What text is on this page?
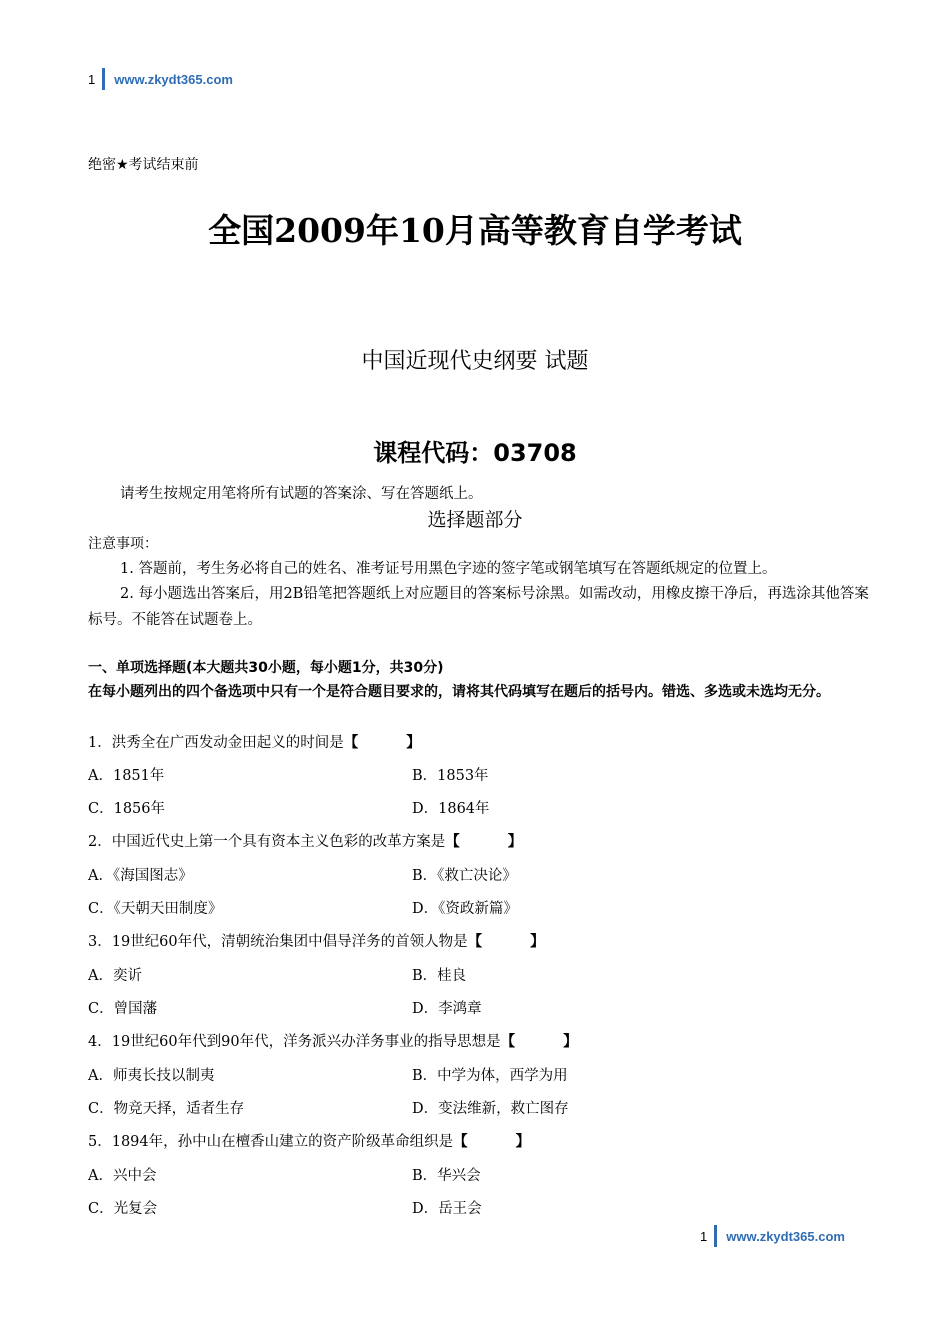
1 www.zkydt365.com
绝密★考试结束前
全国2009年10月高等教育自学考试
中国近现代史纲要 试题
课程代码：03708
请考生按规定用笔将所有试题的答案涂、写在答题纸上。
选择题部分
注意事项：
1. 答题前，考生务必将自己的姓名、准考证号用黑色字迹的签字笔或钢笔填写在答题纸规定的位置上。
2. 每小题选出答案后，用2B铅笔把答题纸上对应题目的答案标号涂黑。如需改动，用橡皮擦干净后，再选涂其他答案标号。不能答在试题卷上。
一、单项选择题(本大题共30小题，每小题1分，共30分)
在每小题列出的四个备选项中只有一个是符合题目要求的，请将其代码填写在题后的括号内。错选、多选或未选均无分。
1．洪秀全在广西发动金田起义的时间是【	】
A．1851年	B．1853年
C．1856年	D．1864年
2．中国近代史上第一个具有资本主义色彩的改革方案是【	】
A．《海国图志》	B．《救亡决论》
C．《天朝天田制度》	D．《资政新篇》
3．19世纪60年代，清朝统治集团中倡导洋务的首领人物是【	】
A．奕䜣	B．桂良
C．曾国藩	D．李鸿章
4．19世纪60年代到90年代，洋务派兴办洋务事业的指导思想是【	】
A．师夷长技以制夷	B．中学为体，西学为用
C．物竞天择，适者生存	D．变法维新，救亡图存
5．1894年，孙中山在檀香山建立的资产阶级革命组织是【	】
A．兴中会	B．华兴会
C．光复会	D．岳王会
1 www.zkydt365.com
